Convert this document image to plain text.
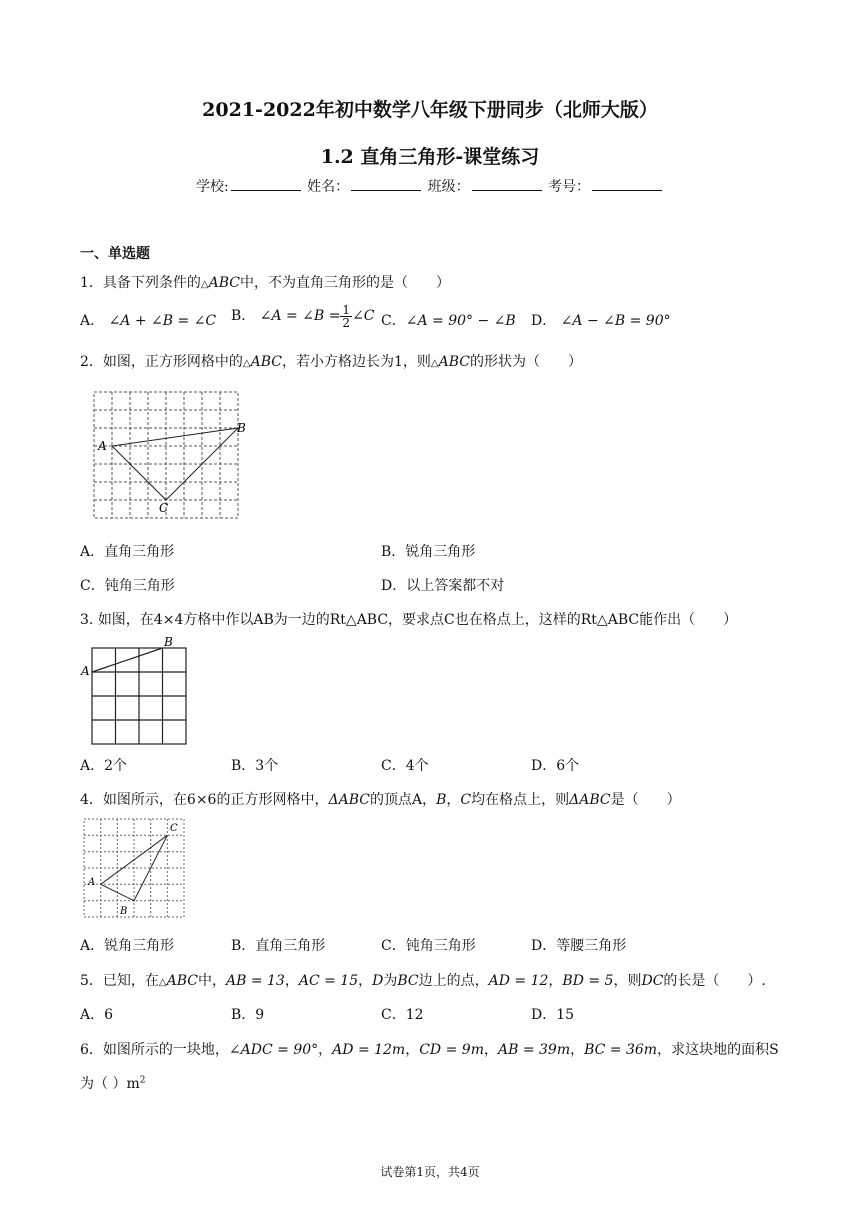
2021-2022年初中数学八年级下册同步（北师大版）
1.2 直角三角形-课堂练习
学校:	姓名：	班级：	考号：
一、单选题
1．具备下列条件的△ABC中，不为直角三角形的是（　　）
A． ∠A + ∠B = ∠C B． ∠A = ∠B = $\frac{1}{2}$ ∠C C．∠A = 90° − ∠B D． ∠A − ∠B = 90°
2．如图，正方形网格中的△ABC，若小方格边长为1，则△ABC的形状为（　　）
A
B
C
A．直角三角形	B．锐角三角形
C．钝角三角形	D．以上答案都不对
3. 如图，在4×4方格中作以AB为一边的Rt△ABC，要求点C也在格点上，这样的Rt△ABC能作出（　　）
A
B
A．2个	B．3个	C．4个	D．6个
4．如图所示，在6×6的正方形网格中，ΔABC的顶点A，B，C均在格点上，则ΔABC是（　　）
A
C
B
A．锐角三角形	B．直角三角形	C．钝角三角形	D．等腰三角形
5．已知，在△ABC中，AB = 13，AC = 15，D为BC边上的点，AD = 12，BD = 5，则DC的长是（　　）.
A．6	B．9	C．12	D．15
6．如图所示的一块地，∠ADC = 90°，AD = 12m，CD = 9m，AB = 39m，BC = 36m，求这块地的面积S
为（ ）$m^2$
试卷第1页，共4页
